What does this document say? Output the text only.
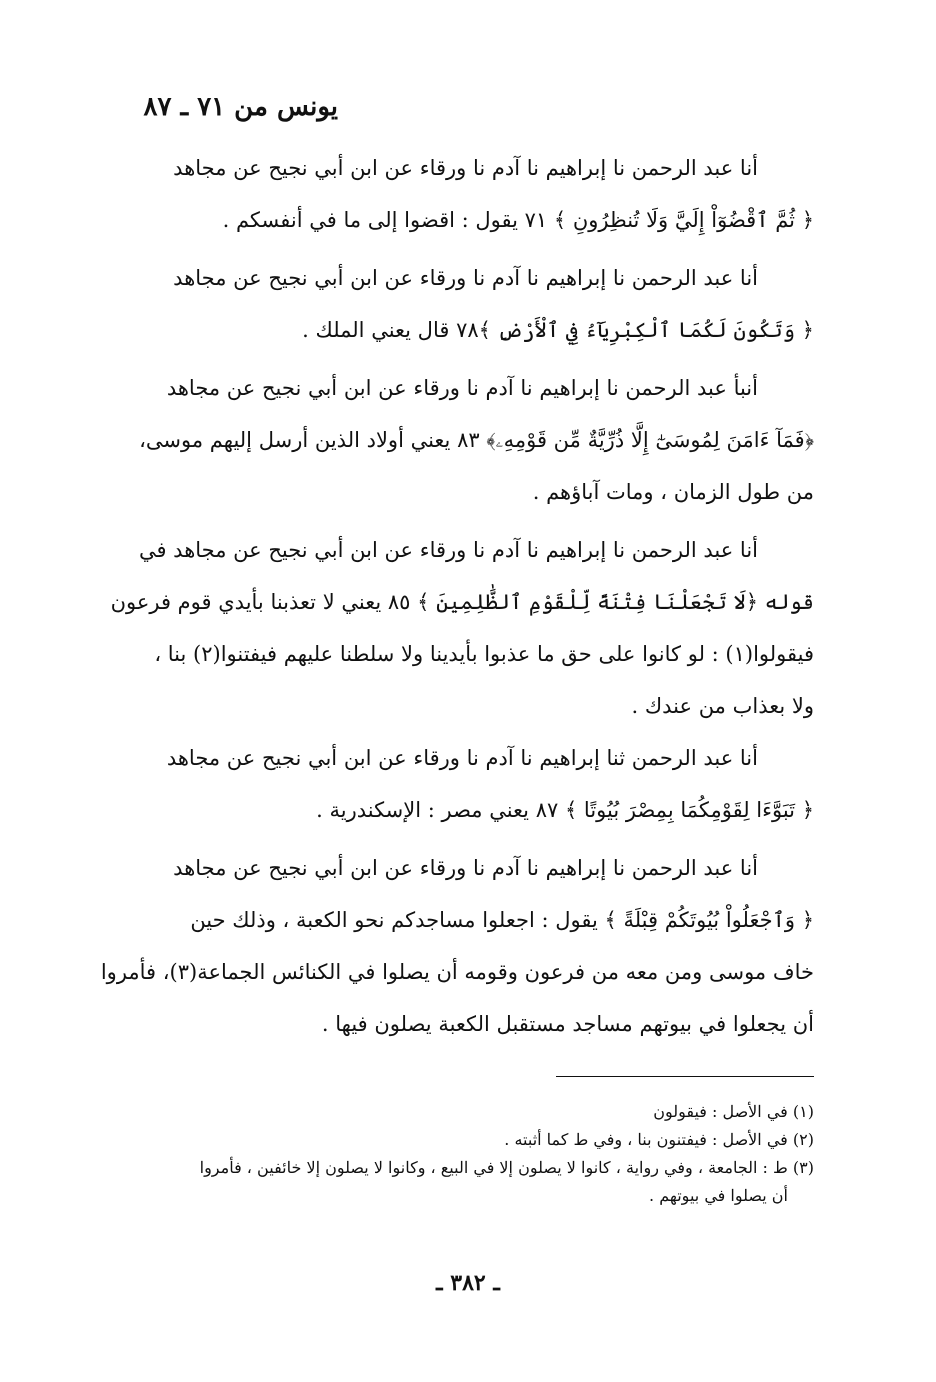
يونس من ٧١ ـ ٨٧
أنا عبد الرحمن نا إبراهيم نا آدم نا ورقاء عن ابن أبي نجيح عن مجاهد
﴿ ثُمَّ ٱقْضُوٓاْ إِلَيَّ وَلَا تُنظِرُونِ ﴾ ٧١ يقول : اقضوا إلى ما في أنفسكم .
أنا عبد الرحمن نا إبراهيم نا آدم نا ورقاء عن ابن أبي نجيح عن مجاهد
﴿ وَتَكُونَ لَكُمَا ٱلْكِبْرِيَآءُ فِي ٱلْأَرْضِ ﴾٧٨ قال يعني الملك .
أنبأ عبد الرحمن نا إبراهيم نا آدم نا ورقاء عن ابن أبي نجيح عن مجاهد
﴿فَمَآ ءَامَنَ لِمُوسَىٰٓ إِلَّا ذُرِّيَّةٌ مِّن قَوْمِهِۦ﴾ ٨٣ يعني أولاد الذين أرسل إليهم موسى،
من طول الزمان ، ومات آباؤهم .
أنا عبد الرحمن نا إبراهيم نا آدم نا ورقاء عن ابن أبي نجيح عن مجاهد في
قوله ﴿لَا تَجْعَلْنَا فِتْنَةً لِّلْقَوْمِ ٱلظَّٰلِمِينَ ﴾ ٨٥ يعني لا تعذبنا بأيدي قوم فرعون
فيقولوا(١) : لو كانوا على حق ما عذبوا بأيدينا ولا سلطنا عليهم فيفتنوا(٢) بنا ،
ولا بعذاب من عندك .
أنا عبد الرحمن ثنا إبراهيم نا آدم نا ورقاء عن ابن أبي نجيح عن مجاهد
﴿ تَبَوَّءَا لِقَوْمِكُمَا بِمِصْرَ بُيُوتًا ﴾ ٨٧ يعني مصر : الإسكندرية .
أنا عبد الرحمن نا إبراهيم نا آدم نا ورقاء عن ابن أبي نجيح عن مجاهد
﴿ وَٱجْعَلُواْ بُيُوتَكُمْ قِبْلَةً ﴾ يقول : اجعلوا مساجدكم نحو الكعبة ، وذلك حين
خاف موسى ومن معه من فرعون وقومه أن يصلوا في الكنائس الجماعة(٣)، فأمروا
أن يجعلوا في بيوتهم مساجد مستقبل الكعبة يصلون فيها .
(١) في الأصل : فيقولون
(٢) في الأصل : فيفتنون بنا ، وفي ط كما أثبته .
(٣) ط : الجامعة ، وفي رواية ، كانوا لا يصلون إلا في البيع ، وكانوا لا يصلون إلا خائفين ، فأمروا
أن يصلوا في بيوتهم .
ـ ٣٨٢ ـ
